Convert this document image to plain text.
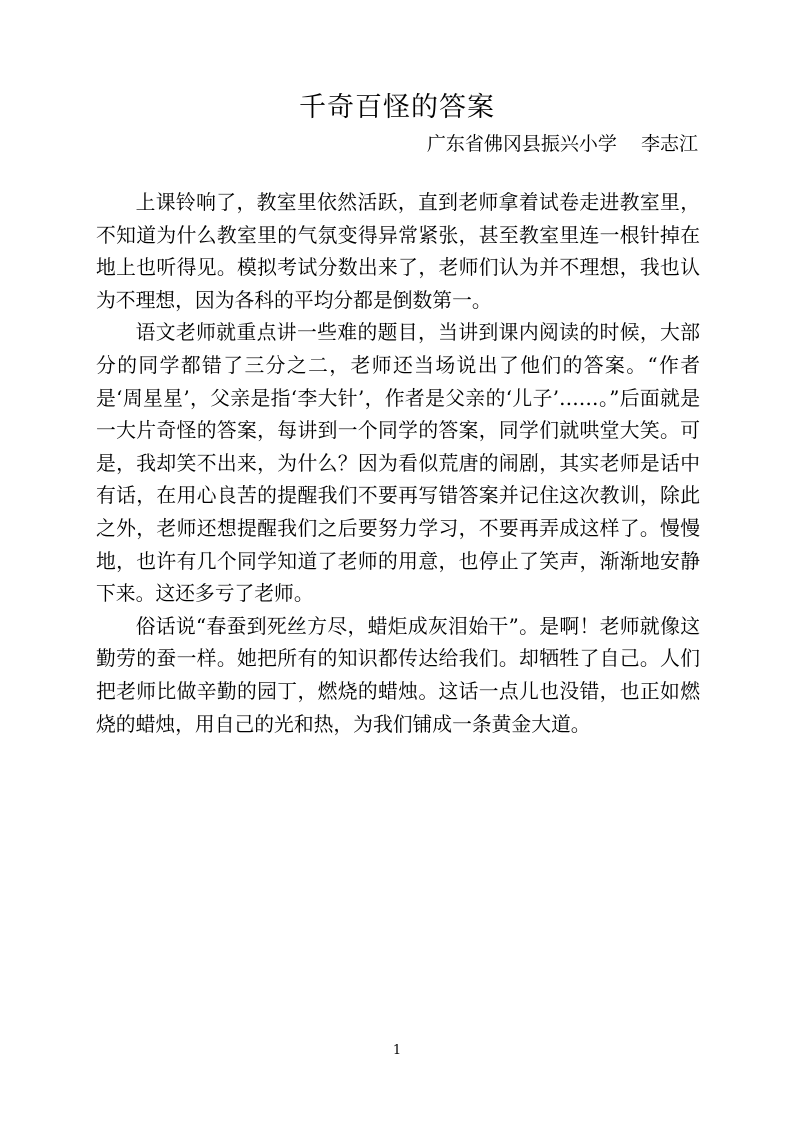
千奇百怪的答案
广东省佛冈县振兴小学    李志江

上课铃响了，教室里依然活跃，直到老师拿着试卷走进教室里，不知道为什么教室里的气氛变得异常紧张，甚至教室里连一根针掉在地上也听得见。模拟考试分数出来了，老师们认为并不理想，我也认为不理想，因为各科的平均分都是倒数第一。

语文老师就重点讲一些难的题目，当讲到课内阅读的时候，大部分的同学都错了三分之二，老师还当场说出了他们的答案。“作者是‘周星星’，父亲是指‘李大针’，作者是父亲的‘儿子’……。”后面就是一大片奇怪的答案，每讲到一个同学的答案，同学们就哄堂大笑。可是，我却笑不出来，为什么？因为看似荒唐的闹剧，其实老师是话中有话，在用心良苦的提醒我们不要再写错答案并记住这次教训，除此之外，老师还想提醒我们之后要努力学习，不要再弄成这样了。慢慢地，也许有几个同学知道了老师的用意，也停止了笑声，渐渐地安静下来。这还多亏了老师。

俗话说“春蚕到死丝方尽，蜡炬成灰泪始干”。是啊！老师就像这勤劳的蚕一样。她把所有的知识都传达给我们。却牺牲了自己。人们把老师比做辛勤的园丁，燃烧的蜡烛。这话一点儿也没错，也正如燃烧的蜡烛，用自己的光和热，为我们铺成一条黄金大道。

1
